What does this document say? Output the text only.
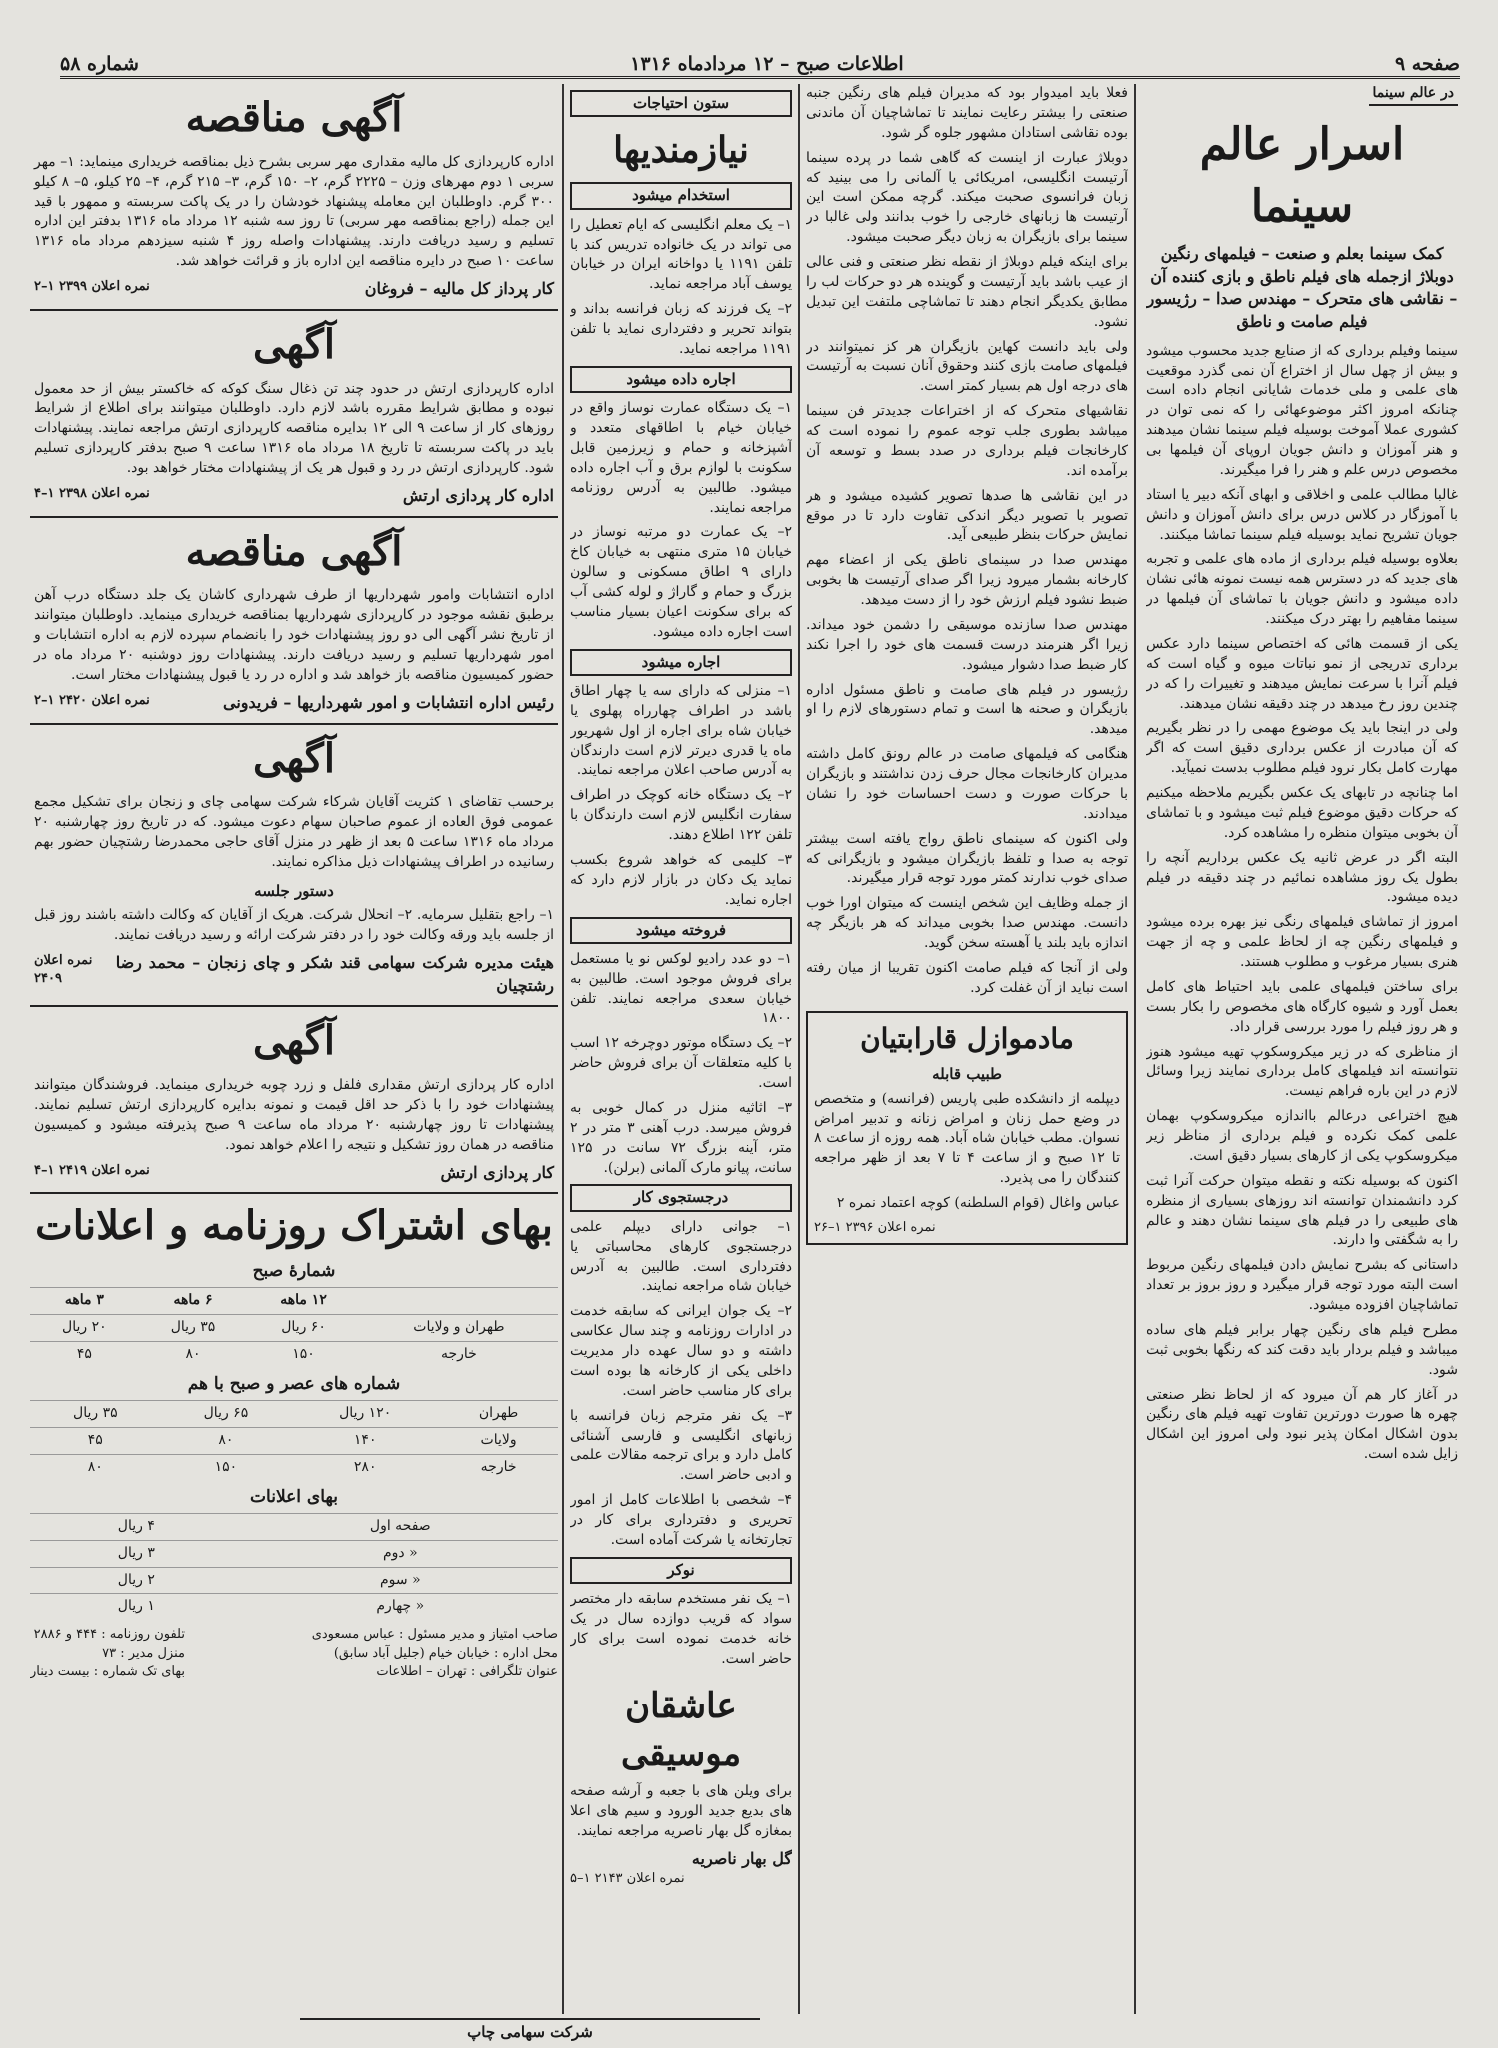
صفحه ۹
اطلاعات صبح – ۱۲ مردادماه ۱۳۱۶
شماره ۵۸
در عالم سینما
اسرار عالم سینما
کمک سینما بعلم و صنعت – فیلمهای رنگین دوبلاژ ازجمله های فیلم ناطق و بازی کننده آن – نقاشی های متحرک – مهندس صدا – رژیسور فیلم صامت و ناطق

سینما وفیلم برداری که از صنایع جدید محسوب میشود و بیش از چهل سال از اختراع آن نمی گذرد موقعیت های علمی و ملی خدمات شایانی انجام داده است چنانکه امروز اکثر موضوعهائی را که نمی توان در کشوری عملا آموخت بوسیله فیلم سینما نشان میدهند و هنر آموزان و دانش جویان اروپای آن فیلمها بی مخصوص درس علم و هنر را فرا میگیرند.

غالبا مطالب علمی و اخلاقی و ابهای آنکه دبیر یا استاد با آموزگار در کلاس درس برای دانش آموزان و دانش جویان تشریح نماید بوسیله فیلم سینما تماشا میکنند.

بعلاوه بوسیله فیلم برداری از ماده های علمی و تجربه های جدید که در دسترس همه نیست نمونه هائی نشان داده میشود و دانش جویان با تماشای آن فیلمها در سینما مفاهیم را بهتر درک میکنند.

یکی از قسمت هائی که اختصاص سینما دارد عکس برداری تدریجی از نمو نباتات میوه و گیاه است که فیلم آنرا با سرعت نمایش میدهند و تغییرات را که در چندین روز رخ میدهد در چند دقیقه نشان میدهند.

ولی در اینجا باید یک موضوع مهمی را در نظر بگیریم که آن مبادرت از عکس برداری دقیق است که اگر مهارت کامل بکار نرود فیلم مطلوب بدست نمیآید.

اما چنانچه در تابهای یک عکس بگیریم ملاحظه میکنیم که حرکات دقیق موضوع فیلم ثبت میشود و با تماشای آن بخوبی میتوان منظره را مشاهده کرد.

البته اگر در عرض ثانیه یک عکس برداریم آنچه را بطول یک روز مشاهده نمائیم در چند دقیقه در فیلم دیده میشود.

امروز از تماشای فیلمهای رنگی نیز بهره برده میشود و فیلمهای رنگین چه از لحاظ علمی و چه از جهت هنری بسیار مرغوب و مطلوب هستند.

برای ساختن فیلمهای علمی باید احتیاط های کامل بعمل آورد و شیوه کارگاه های مخصوص را بکار بست و هر روز فیلم را مورد بررسی قرار داد.

از مناظری که در زیر میکروسکوپ تهیه میشود هنوز نتوانسته اند فیلمهای کامل برداری نمایند زیرا وسائل لازم در این باره فراهم نیست.

هیچ اختراعی درعالم بااندازه میکروسکوپ بهمان علمی کمک نکرده و فیلم برداری از مناظر زیر میکروسکوپ یکی از کارهای بسیار دقیق است.

اکنون که بوسیله نکته و نقطه میتوان حرکت آنرا ثبت کرد دانشمندان توانسته اند روزهای بسیاری از منظره های طبیعی را در فیلم های سینما نشان دهند و عالم را به شگفتی وا دارند.

داستانی که بشرح نمایش دادن فیلمهای رنگین مربوط است البته مورد توجه قرار میگیرد و روز بروز بر تعداد تماشاچیان افزوده میشود.

مطرح فیلم های رنگین چهار برابر فیلم های ساده میباشد و فیلم بردار باید دقت کند که رنگها بخوبی ثبت شود.

در آغاز کار هم آن میرود که از لحاظ نظر صنعتی چهره ها صورت دورترین تفاوت تهیه فیلم های رنگین بدون اشکال امکان پذیر نبود ولی امروز این اشکال زایل شده است.

فعلا باید امیدوار بود که مدیران فیلم های رنگین جنبه صنعتی را بیشتر رعایت نمایند تا تماشاچیان آن ماندنی بوده نقاشی استادان مشهور جلوه گر شود.

دوبلاژ عبارت از اینست که گاهی شما در پرده سینما آرتیست انگلیسی، امریکائی یا آلمانی را می بینید که زبان فرانسوی صحبت میکند. گرچه ممکن است این آرتیست ها زبانهای خارجی را خوب بدانند ولی غالبا در سینما برای بازیگران به زبان دیگر صحبت میشود.

برای اینکه فیلم دوبلاژ از نقطه نظر صنعتی و فنی عالی از عیب باشد باید آرتیست و گوینده هر دو حرکات لب را مطابق یکدیگر انجام دهند تا تماشاچی ملتفت این تبدیل نشود.

ولی باید دانست کهاین بازیگران هر کز نمیتوانند در فیلمهای صامت بازی کنند وحقوق آنان نسبت به آرتیست های درجه اول هم بسیار کمتر است.

نقاشیهای متحرک که از اختراعات جدیدتر فن سینما میباشد بطوری جلب توجه عموم را نموده است که کارخانجات فیلم برداری در صدد بسط و توسعه آن برآمده اند.

در این نقاشی ها صدها تصویر کشیده میشود و هر تصویر با تصویر دیگر اندکی تفاوت دارد تا در موقع نمایش حرکات بنظر طبیعی آید.

مهندس صدا در سینمای ناطق یکی از اعضاء مهم کارخانه بشمار میرود زیرا اگر صدای آرتیست ها بخوبی ضبط نشود فیلم ارزش خود را از دست میدهد.

مهندس صدا سازنده موسیقی را دشمن خود میداند. زیرا اگر هنرمند درست قسمت های خود را اجرا نکند کار ضبط صدا دشوار میشود.

رژیسور در فیلم های صامت و ناطق مسئول اداره بازیگران و صحنه ها است و تمام دستورهای لازم را او میدهد.

هنگامی که فیلمهای صامت در عالم رونق کامل داشته مدیران کارخانجات مجال حرف زدن نداشتند و بازیگران با حرکات صورت و دست احساسات خود را نشان میدادند.

ولی اکنون که سینمای ناطق رواج یافته است بیشتر توجه به صدا و تلفظ بازیگران میشود و بازیگرانی که صدای خوب ندارند کمتر مورد توجه قرار میگیرند.

از جمله وظایف این شخص اینست که میتوان اورا خوب دانست. مهندس صدا بخوبی میداند که هر بازیگر چه اندازه باید بلند یا آهسته سخن گوید.

ولی از آنجا که فیلم صامت اکنون تقریبا از میان رفته است نباید از آن غفلت کرد.

مادموازل قارابتیان
طبیب قابله

دیپلمه از دانشکده طبی پاریس (فرانسه) و متخصص در وضع حمل زنان و امراض زنانه و تدبیر امراض نسوان. مطب خیابان شاه آباد. همه روزه از ساعت ۸ تا ۱۲ صبح و از ساعت ۴ تا ۷ بعد از ظهر مراجعه کنندگان را می پذیرد.

عباس واغال (قوام السلطنه) کوچه اعتماد نمره ۲

نمره اعلان ۲۳۹۶ ۱–۲۶
ستون احتیاجات
نیازمندیها
استخدام میشود

۱– یک معلم انگلیسی که ایام تعطیل را می تواند در یک خانواده تدریس کند با تلفن ۱۱۹۱ یا دواخانه ایران در خیابان یوسف آباد مراجعه نماید.

۲– یک فرزند که زبان فرانسه بداند و بتواند تحریر و دفترداری نماید با تلفن ۱۱۹۱ مراجعه نماید.

اجاره داده میشود

۱– یک دستگاه عمارت نوساز واقع در خیابان خیام با اطاقهای متعدد و آشپزخانه و حمام و زیرزمین قابل سکونت با لوازم برق و آب اجاره داده میشود. طالبین به آدرس روزنامه مراجعه نمایند.

۲– یک عمارت دو مرتبه نوساز در خیابان ۱۵ متری منتهی به خیابان کاخ دارای ۹ اطاق مسکونی و سالون بزرگ و حمام و گاراژ و لوله کشی آب که برای سکونت اعیان بسیار مناسب است اجاره داده میشود.

اجاره میشود

۱– منزلی که دارای سه یا چهار اطاق باشد در اطراف چهارراه پهلوی یا خیابان شاه برای اجاره از اول شهریور ماه یا قدری دیرتر لازم است دارندگان به آدرس صاحب اعلان مراجعه نمایند.

۲– یک دستگاه خانه کوچک در اطراف سفارت انگلیس لازم است دارندگان با تلفن ۱۲۲ اطلاع دهند.

۳– کلیمی که خواهد شروع بکسب نماید یک دکان در بازار لازم دارد که اجاره نماید.

فروخته میشود

۱– دو عدد رادیو لوکس نو یا مستعمل برای فروش موجود است. طالبین به خیابان سعدی مراجعه نمایند. تلفن ۱۸۰۰

۲– یک دستگاه موتور دوچرخه ۱۲ اسب با کلیه متعلقات آن برای فروش حاضر است.

۳– اثاثیه منزل در کمال خوبی به فروش میرسد. درب آهنی ۳ متر در ۲ متر، آینه بزرگ ۷۲ سانت در ۱۲۵ سانت، پیانو مارک آلمانی (برلن).

درجستجوی کار

۱– جوانی دارای دیپلم علمی درجستجوی کارهای محاسباتی یا دفترداری است. طالبین به آدرس خیابان شاه مراجعه نمایند.

۲– یک جوان ایرانی که سابقه خدمت در ادارات روزنامه و چند سال عکاسی داشته و دو سال عهده دار مدیریت داخلی یکی از کارخانه ها بوده است برای کار مناسب حاضر است.

۳– یک نفر مترجم زبان فرانسه با زبانهای انگلیسی و فارسی آشنائی کامل دارد و برای ترجمه مقالات علمی و ادبی حاضر است.

۴– شخصی با اطلاعات کامل از امور تحریری و دفترداری برای کار در تجارتخانه یا شرکت آماده است.

نوکر

۱– یک نفر مستخدم سابقه دار مختصر سواد که قریب دوازده سال در یک خانه خدمت نموده است برای کار حاضر است.

عاشقان موسیقی

برای ویلن های با جعبه و آرشه صفحه های بدیع جدید الورود و سیم های اعلا بمغازه گل بهار ناصریه مراجعه نمایند.

گل بهار ناصریه
نمره اعلان ۲۱۴۳ ۱–۵
آگهی مناقصه

اداره کارپردازی کل مالیه مقداری مهر سربی بشرح ذیل بمناقصه خریداری مینماید: ۱– مهر سربی ۱ دوم مهرهای وزن – ۲۲۲۵ گرم، ۲– ۱۵۰ گرم، ۳– ۲۱۵ گرم، ۴– ۲۵ کیلو، ۵– ۸ کیلو ۳۰۰ گرم. داوطلبان این معامله پیشنهاد خودشان را در یک پاکت سربسته و ممهور با قید این جمله (راجع بمناقصه مهر سربی) تا روز سه شنبه ۱۲ مرداد ماه ۱۳۱۶ بدفتر این اداره تسلیم و رسید دریافت دارند. پیشنهادات واصله روز ۴ شنبه سیزدهم مرداد ماه ۱۳۱۶ ساعت ۱۰ صبح در دایره مناقصه این اداره باز و قرائت خواهد شد.

کار پرداز کل مالیه – فروغان
نمره اعلان ۲۳۹۹ ۱–۲
آگهی

اداره کارپردازی ارتش در حدود چند تن ذغال سنگ کوکه که خاکستر بیش از حد معمول نبوده و مطابق شرایط مقرره باشد لازم دارد. داوطلبان میتوانند برای اطلاع از شرایط روزهای کار از ساعت ۹ الی ۱۲ بدایره مناقصه کارپردازی ارتش مراجعه نمایند. پیشنهادات باید در پاکت سربسته تا تاریخ ۱۸ مرداد ماه ۱۳۱۶ ساعت ۹ صبح بدفتر کارپردازی تسلیم شود. کارپردازی ارتش در رد و قبول هر یک از پیشنهادات مختار خواهد بود.

اداره کار پردازی ارتش
نمره اعلان ۲۳۹۸ ۱–۴
آگهی مناقصه

اداره انتشابات وامور شهرداریها از طرف شهرداری کاشان یک جلد دستگاه درب آهن برطبق نقشه موجود در کارپردازی شهرداریها بمناقصه خریداری مینماید. داوطلبان میتوانند از تاریخ نشر آگهی الی دو روز پیشنهادات خود را بانضمام سپرده لازم به اداره انتشابات و امور شهرداریها تسلیم و رسید دریافت دارند. پیشنهادات روز دوشنبه ۲۰ مرداد ماه در حضور کمیسیون مناقصه باز خواهد شد و اداره در رد یا قبول پیشنهادات مختار است.

رئیس اداره انتشابات و امور شهرداریها – فریدونی
نمره اعلان ۲۴۲۰ ۱–۲
آگهی

برحسب تقاضای ۱ کثریت آقایان شرکاء شرکت سهامی چای و زنجان برای تشکیل مجمع عمومی فوق العاده از عموم صاحبان سهام دعوت میشود. که در تاریخ روز چهارشنبه ۲۰ مرداد ماه ۱۳۱۶ ساعت ۵ بعد از ظهر در منزل آقای حاجی محمدرضا رشتچیان حضور بهم رسانیده در اطراف پیشنهادات ذیل مذاکره نمایند.

دستور جلسه

۱– راجع بتقلیل سرمایه. ۲– انحلال شرکت. هریک از آقایان که وکالت داشته باشند روز قبل از جلسه باید ورقه وکالت خود را در دفتر شرکت ارائه و رسید دریافت نمایند.

هیئت مدیره شرکت سهامی قند شکر و چای زنجان – محمد رضا رشتچیان
نمره اعلان ۲۴۰۹
آگهی

اداره کار پردازی ارتش مقداری فلفل و زرد چوبه خریداری مینماید. فروشندگان میتوانند پیشنهادات خود را با ذکر حد اقل قیمت و نمونه بدایره کارپردازی ارتش تسلیم نمایند. پیشنهادات تا روز چهارشنبه ۲۰ مرداد ماه ساعت ۹ صبح پذیرفته میشود و کمیسیون مناقصه در همان روز تشکیل و نتیجه را اعلام خواهد نمود.

کار پردازی ارتش
نمره اعلان ۲۴۱۹ ۱–۴
بهای اشتراک روزنامه و اعلانات
شمارۀ صبح
	۱۲ ماهه	۶ ماهه	۳ ماهه
طهران و ولایات	۶۰ ریال	۳۵ ریال	۲۰ ریال
خارجه	۱۵۰	۸۰	۴۵
شماره های عصر و صبح با هم
طهران	۱۲۰ ریال	۶۵ ریال	۳۵ ریال
ولایات	۱۴۰	۸۰	۴۵
خارجه	۲۸۰	۱۵۰	۸۰
بهای اعلانات
صفحه اول	۴ ریال
« دوم	۳ ریال
« سوم	۲ ریال
« چهارم	۱ ریال
صاحب امتیاز و مدیر مسئول : عباس مسعودی
محل اداره : خیابان خیام (جلیل آباد سابق)
عنوان تلگرافی : تهران – اطلاعات
تلفون روزنامه : ۴۴۴ و ۲۸۸۶
منزل مدیر : ۷۳
بهای تک شماره : بیست دینار
شرکت سهامی چاپ
